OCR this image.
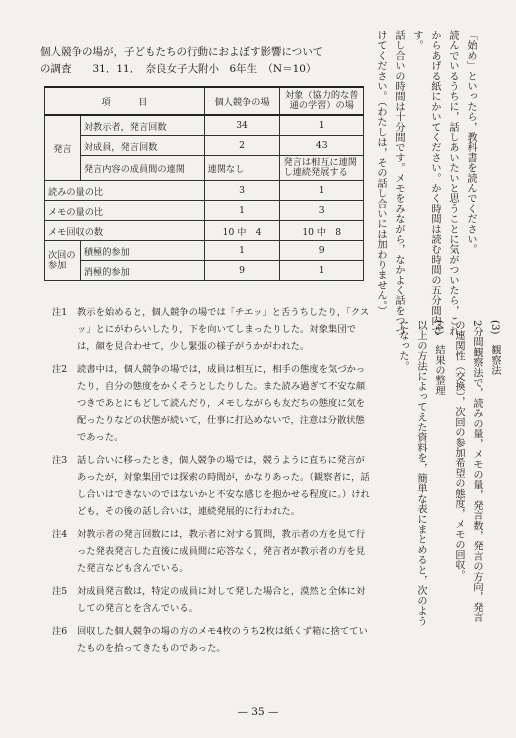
個人競争の場が，子どもたちの行動におよぼす影響について
の調査　　31．11．　奈良女子大附小　6年生　（N＝10）
項　　　目		個人競争の場	対象（協力的な普通の学習）の場
発言	対教示者，発言回数	34	1
	対成員，発言回数	2	43
	発言内容の成員間の連関	連関なし	発言は相互に連関し連続発展する
読みの量の比		3	1
メモの量の比		1	3
メモ回収の数		10 中　4	10 中　8
次回の参加	積極的参加	1	9
	消極的参加	9	1
「始め」といったら，教科書を読んでください。
読んでいるうちに，話しあいたいと思うことに気がついたら，これ
からあげる紙にかいてください。かく時間は読む時間の五分間内で
す。
話し合いの時間は十分間です。メモをみながら，なかよく話をつづ
けてください。（わたしは，その話し合いには加わりません。）
(3)　観察法
2分間観察法で，読みの量，メモの量，発言数，発言の方向，発言
の連関性（交換），次回の参加希望の態度，メモの回収。
(4)　結果の整理
以上の方法によってえた資料を，簡単な表にまとめると，次のよう
になった。
注1	教示を始めると，個人競争の場では「チエッ」と舌うちしたり，「クスッ」とにがわらいしたり，下を向いてしまったりした。対象集団では，顔を見合わせて，少し緊張の様子がうかがわれた。
注2	読書中は，個人競争の場では，成員は相互に，相手の態度を気づかったり，自分の態度をかくそうとしたりした。また読み過ぎて不安な顔つきであとにもどして読んだり，メモしながらも友だちの態度に気を配ったりなどの状態が続いて，仕事に打込めないで，注意は分散状態であった。
注3	話し合いに移ったとき，個人競争の場では，競うように直ちに発言があったが，対象集団では探索の時間が，かなりあった。（観察者に，話し合いはできないのではないかと不安な感じを抱かせる程度に。）けれども，その後の話し合いは，連続発展的に行われた。
注4	対教示者の発言回数には，教示者に対する質問，教示者の方を見て行った発表発言した直後に成員間に応答なく，発言者が教示者の方を見た発言なども含んでいる。
注5	対成員発言数は，特定の成員に対して発した場合と，漠然と全体に対しての発言とを含んでいる。
注6	回収した個人競争の場の方のメモ4枚のうち2枚は紙くず箱に捨てていたものを拾ってきたものであった。
— 35 —
